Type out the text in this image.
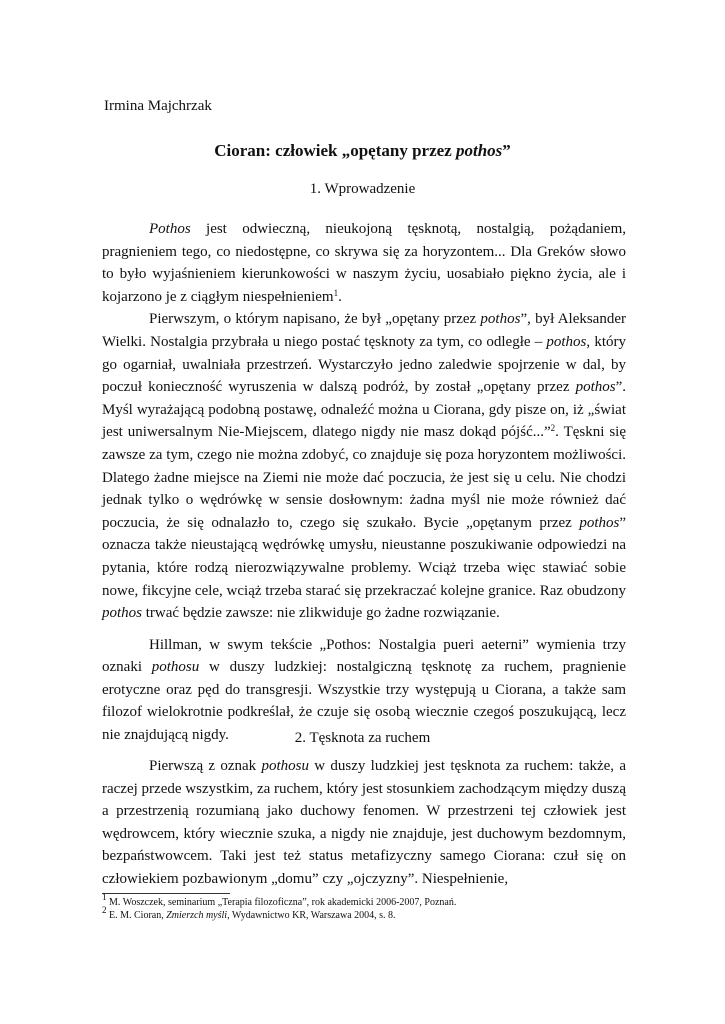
Irmina Majchrzak
Cioran: człowiek „opętany przez pothos”
1. Wprowadzenie

Pothos jest odwieczną, nieukojoną tęsknotą, nostalgią, pożądaniem, pragnieniem tego, co niedostępne, co skrywa się za horyzontem... Dla Greków słowo to było wyjaśnieniem kierunkowości w naszym życiu, uosabiało piękno życia, ale i kojarzono je z ciągłym niespełnieniem$^1$.

Pierwszym, o którym napisano, że był „opętany przez pothos”, był Aleksander Wielki. Nostalgia przybrała u niego postać tęsknoty za tym, co odległe – pothos, który go ogarniał, uwalniała przestrzeń. Wystarczyło jedno zaledwie spojrzenie w dal, by poczuł konieczność wyruszenia w dalszą podróż, by został „opętany przez pothos”. Myśl wyrażającą podobną postawę, odnaleźć można u Ciorana, gdy pisze on, iż „świat jest uniwersalnym Nie-Miejscem, dlatego nigdy nie masz dokąd pójść...”$^2$. Tęskni się zawsze za tym, czego nie można zdobyć, co znajduje się poza horyzontem możliwości. Dlatego żadne miejsce na Ziemi nie może dać poczucia, że jest się u celu. Nie chodzi jednak tylko o wędrówkę w sensie dosłownym: żadna myśl nie może również dać poczucia, że się odnalazło to, czego się szukało. Bycie „opętanym przez pothos” oznacza także nieustającą wędrówkę umysłu, nieustanne poszukiwanie odpowiedzi na pytania, które rodzą nierozwiązywalne problemy. Wciąż trzeba więc stawiać sobie nowe, fikcyjne cele, wciąż trzeba starać się przekraczać kolejne granice. Raz obudzony pothos trwać będzie zawsze: nie zlikwiduje go żadne rozwiązanie.

Hillman, w swym tekście „Pothos: Nostalgia pueri aeterni” wymienia trzy oznaki pothosu w duszy ludzkiej: nostalgiczną tęsknotę za ruchem, pragnienie erotyczne oraz pęd do transgresji. Wszystkie trzy występują u Ciorana, a także sam filozof wielokrotnie podkreślał, że czuje się osobą wiecznie czegoś poszukującą, lecz nie znajdującą nigdy.	2. Tęsknota za ruchem

Pierwszą z oznak pothosu w duszy ludzkiej jest tęsknota za ruchem: także, a raczej przede wszystkim, za ruchem, który jest stosunkiem zachodzącym między duszą a przestrzenią rozumianą jako duchowy fenomen. W przestrzeni tej człowiek jest wędrowcem, który wiecznie szuka, a nigdy nie znajduje, jest duchowym bezdomnym, bezpaństwowcem. Taki jest też status metafizyczny samego Ciorana: czuł się on człowiekiem pozbawionym „domu” czy „ojczyzny”. Niespełnienie,

$^1$ M. Woszczek, seminarium „Terapia filozoficzna”, rok akademicki 2006-2007, Poznań.
$^2$ E. M. Cioran, Zmierzch myśli, Wydawnictwo KR, Warszawa 2004, s. 8.
